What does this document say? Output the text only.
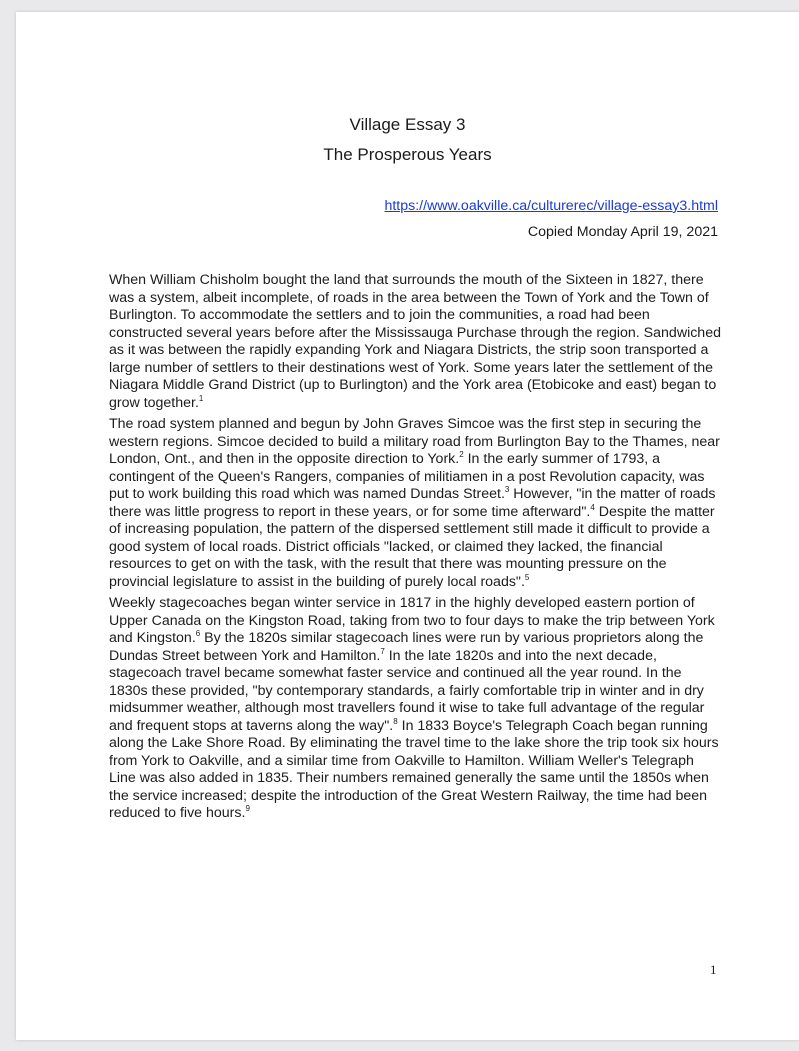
Village Essay 3
The Prosperous Years
https://www.oakville.ca/culturerec/village-essay3.html
Copied Monday April 19, 2021

When William Chisholm bought the land that surrounds the mouth of the Sixteen in 1827, there was a system, albeit incomplete, of roads in the area between the Town of York and the Town of Burlington. To accommodate the settlers and to join the communities, a road had been constructed several years before after the Mississauga Purchase through the region. Sandwiched as it was between the rapidly expanding York and Niagara Districts, the strip soon transported a large number of settlers to their destinations west of York. Some years later the settlement of the Niagara Middle Grand District (up to Burlington) and the York area (Etobicoke and east) began to grow together.$^1$

The road system planned and begun by John Graves Simcoe was the first step in securing the western regions. Simcoe decided to build a military road from Burlington Bay to the Thames, near London, Ont., and then in the opposite direction to York.$^2$ In the early summer of 1793, a contingent of the Queen's Rangers, companies of militiamen in a post Revolution capacity, was put to work building this road which was named Dundas Street.$^3$ However, "in the matter of roads there was little progress to report in these years, or for some time afterward".$^4$ Despite the matter of increasing population, the pattern of the dispersed settlement still made it difficult to provide a good system of local roads. District officials "lacked, or claimed they lacked, the financial resources to get on with the task, with the result that there was mounting pressure on the provincial legislature to assist in the building of purely local roads".$^5$

Weekly stagecoaches began winter service in 1817 in the highly developed eastern portion of Upper Canada on the Kingston Road, taking from two to four days to make the trip between York and Kingston.$^6$ By the 1820s similar stagecoach lines were run by various proprietors along the Dundas Street between York and Hamilton.$^7$ In the late 1820s and into the next decade, stagecoach travel became somewhat faster service and continued all the year round. In the 1830s these provided, "by contemporary standards, a fairly comfortable trip in winter and in dry midsummer weather, although most travellers found it wise to take full advantage of the regular and frequent stops at taverns along the way".$^8$ In 1833 Boyce's Telegraph Coach began running along the Lake Shore Road. By eliminating the travel time to the lake shore the trip took six hours from York to Oakville, and a similar time from Oakville to Hamilton. William Weller's Telegraph Line was also added in 1835. Their numbers remained generally the same until the 1850s when the service increased; despite the introduction of the Great Western Railway, the time had been reduced to five hours.$^9$

1
